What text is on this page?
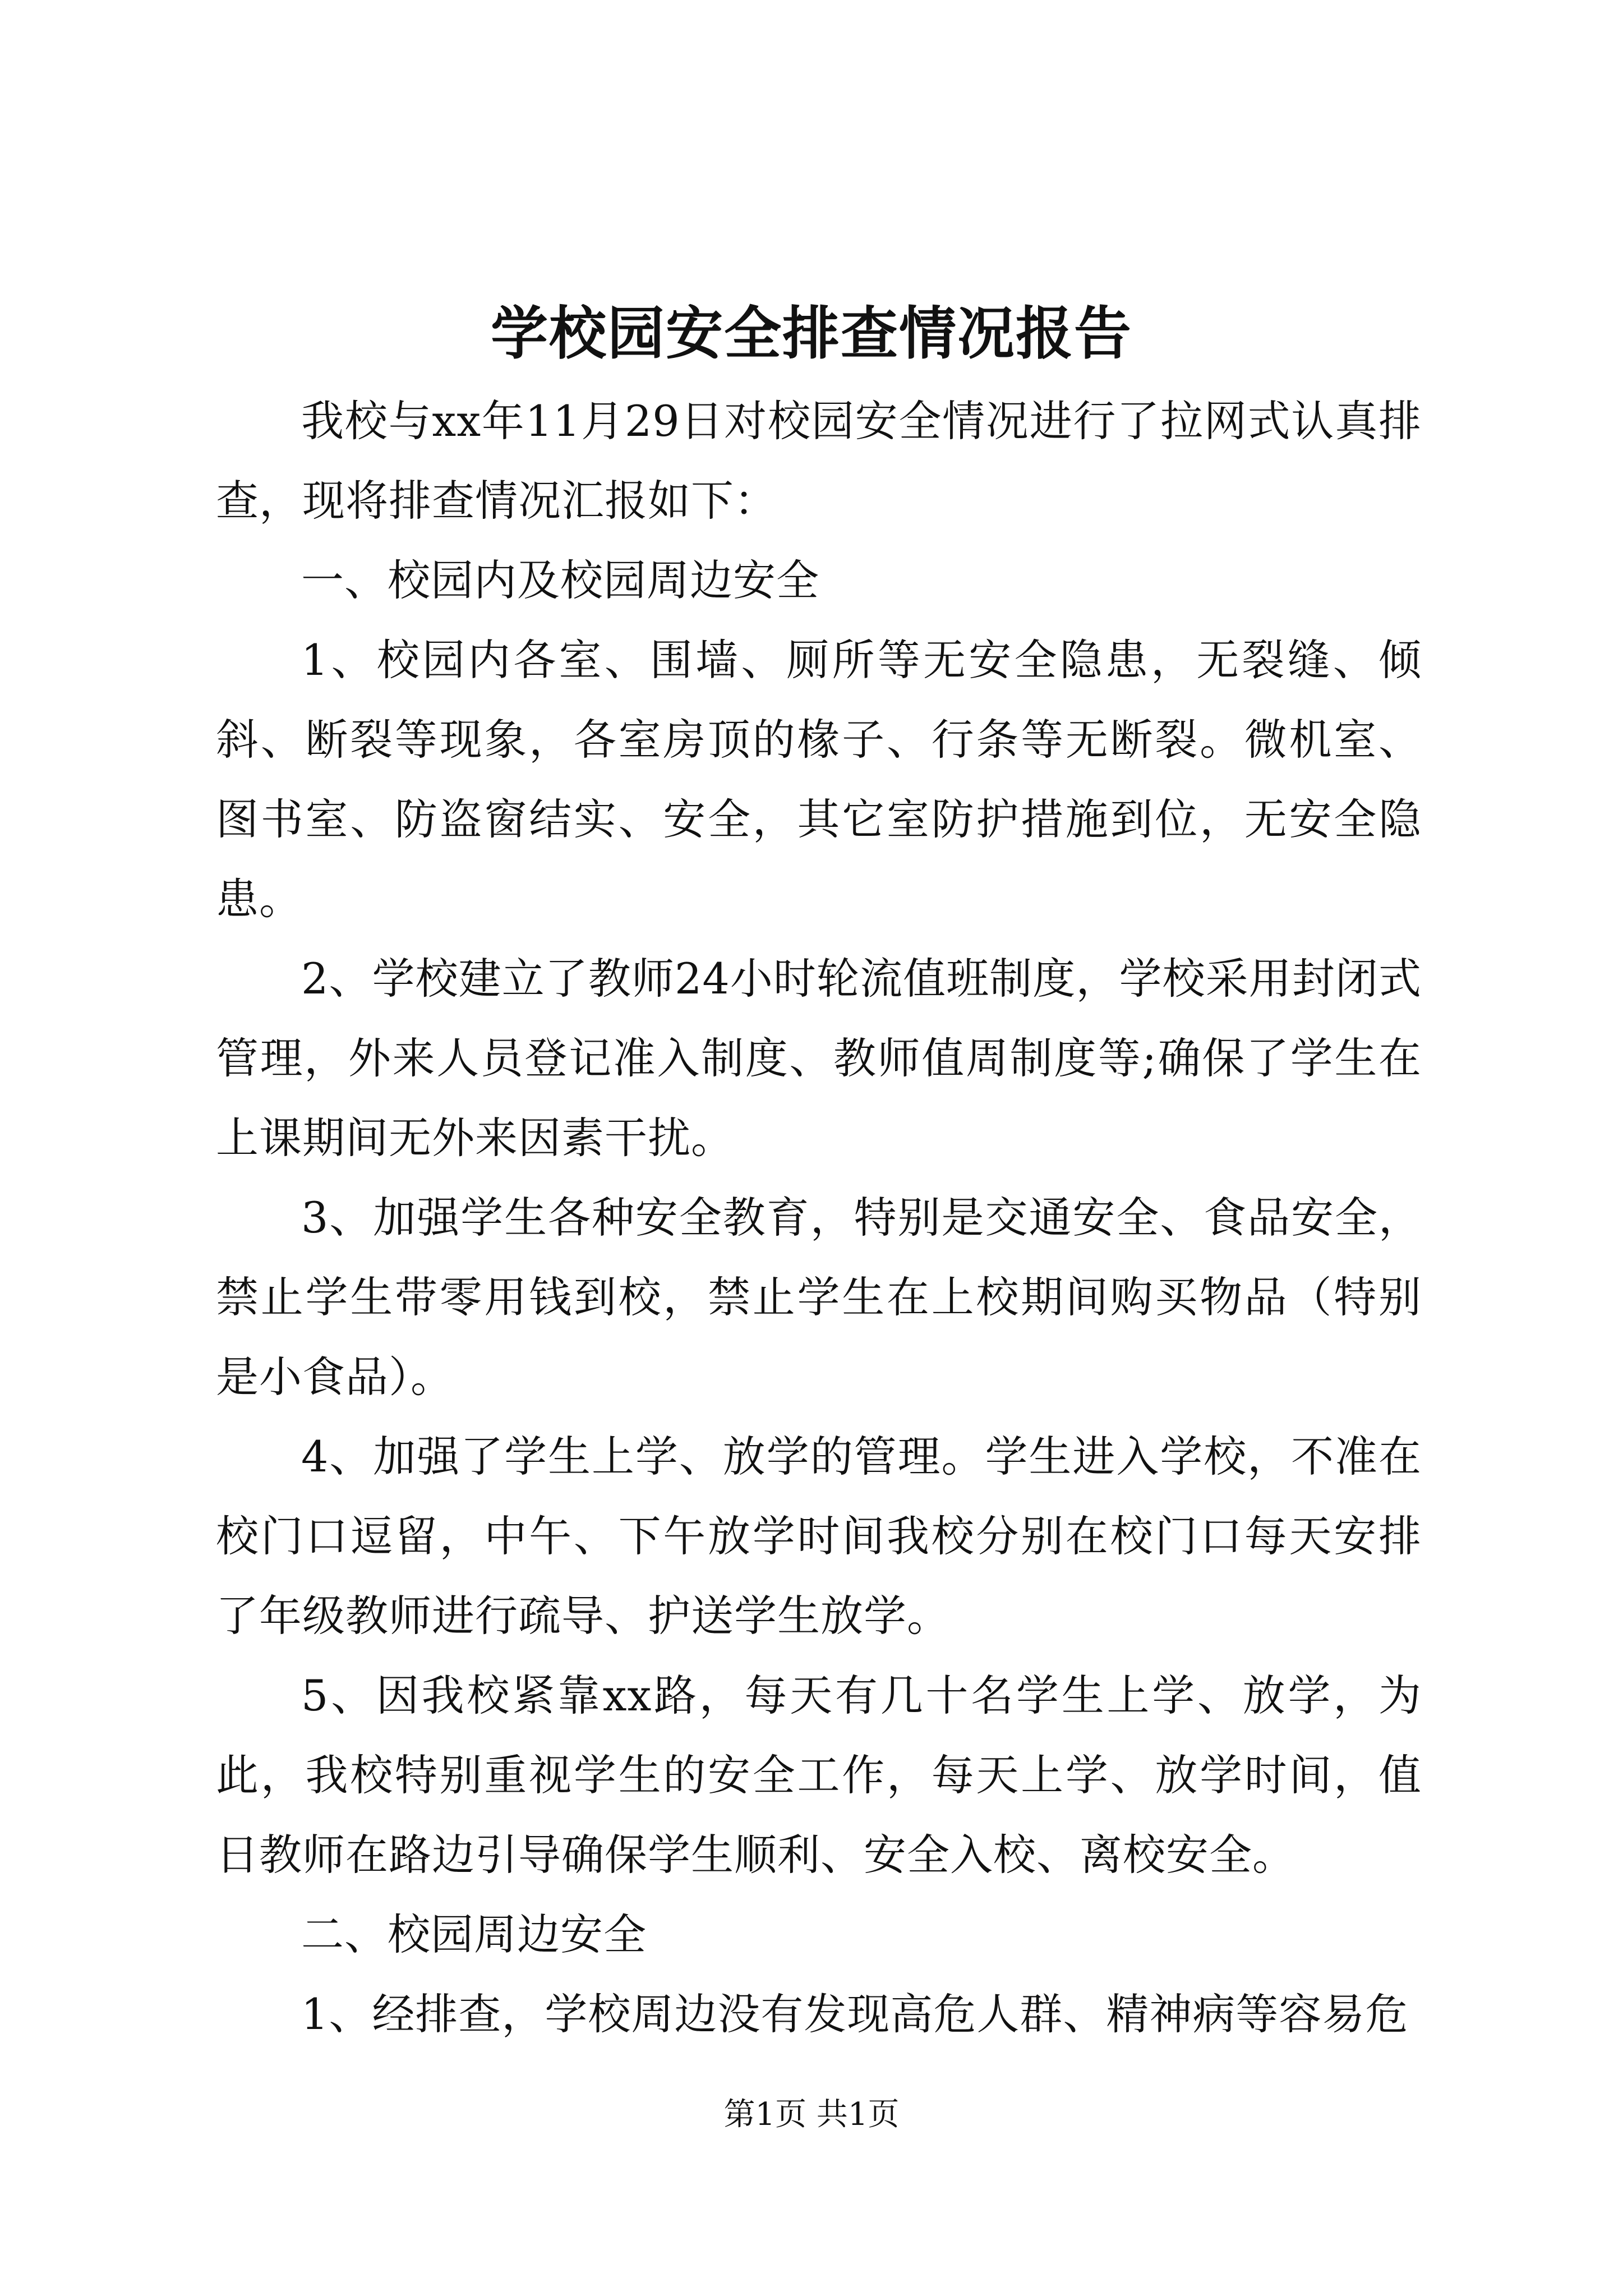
学校园安全排查情况报告

我校与xx年11月29日对校园安全情况进行了拉网式认真排查，现将排查情况汇报如下：

一、校园内及校园周边安全

1、校园内各室、围墙、厕所等无安全隐患，无裂缝、倾斜、断裂等现象，各室房顶的椽子、行条等无断裂。微机室、图书室、防盗窗结实、安全，其它室防护措施到位，无安全隐患。

2、学校建立了教师24小时轮流值班制度，学校采用封闭式管理，外来人员登记准入制度、教师值周制度等;确保了学生在上课期间无外来因素干扰。

3、加强学生各种安全教育，特别是交通安全、食品安全，禁止学生带零用钱到校，禁止学生在上校期间购买物品（特别是小食品）。

4、加强了学生上学、放学的管理。学生进入学校，不准在校门口逗留，中午、下午放学时间我校分别在校门口每天安排了年级教师进行疏导、护送学生放学。

5、因我校紧靠xx路，每天有几十名学生上学、放学，为此，我校特别重视学生的安全工作，每天上学、放学时间，值日教师在路边引导确保学生顺利、安全入校、离校安全。

二、校园周边安全

1、经排查，学校周边没有发现高危人群、精神病等容易危

第1页 共1页
